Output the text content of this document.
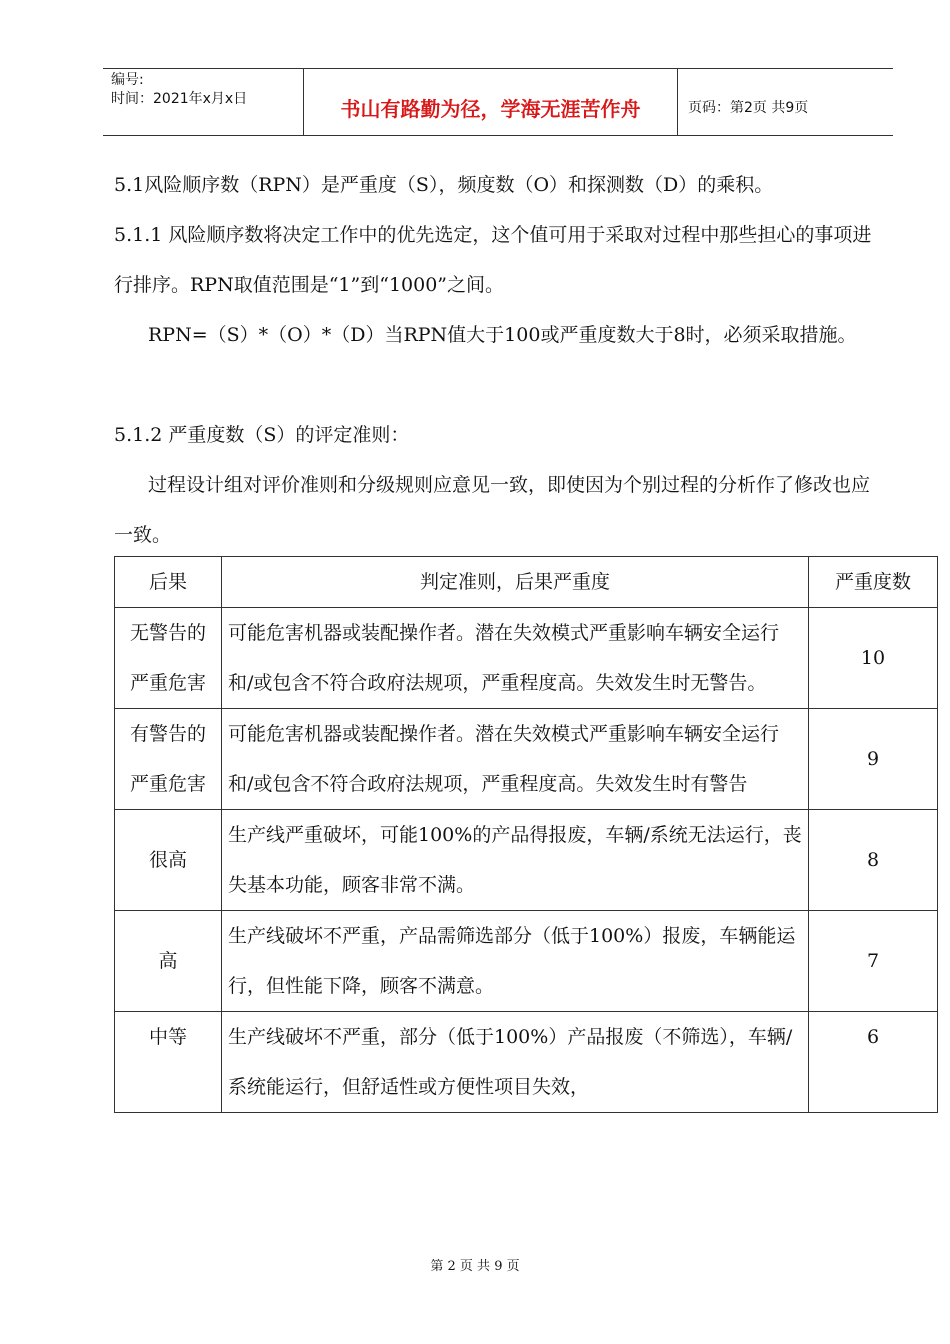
编号:
时间：2021年x月x日	书山有路勤为径，学海无涯苦作舟	页码：第2页 共9页

5.1风险顺序数（RPN）是严重度（S），频度数（O）和探测数（D）的乘积。

5.1.1 风险顺序数将决定工作中的优先选定，这个值可用于采取对过程中那些担心的事项进行排序。RPN取值范围是“1”到“1000”之间。

RPN=（S）*（O）*（D）当RPN值大于100或严重度数大于8时，必须采取措施。

5.1.2 严重度数（S）的评定准则：

过程设计组对评价准则和分级规则应意见一致，即使因为个别过程的分析作了修改也应一致。

后果	判定准则，后果严重度	严重度数
无警告的严重危害	可能危害机器或装配操作者。潜在失效模式严重影响车辆安全运行和/或包含不符合政府法规项，严重程度高。失效发生时无警告。	10
有警告的严重危害	可能危害机器或装配操作者。潜在失效模式严重影响车辆安全运行和/或包含不符合政府法规项，严重程度高。失效发生时有警告	9
很高	生产线严重破坏，可能100%的产品得报废，车辆/系统无法运行，丧失基本功能，顾客非常不满。	8
高	生产线破坏不严重，产品需筛选部分（低于100%）报废，车辆能运行，但性能下降，顾客不满意。	7
中等	生产线破坏不严重，部分（低于100%）产品报废（不筛选），车辆/系统能运行，但舒适性或方便性项目失效，	6
第 2 页 共 9 页
